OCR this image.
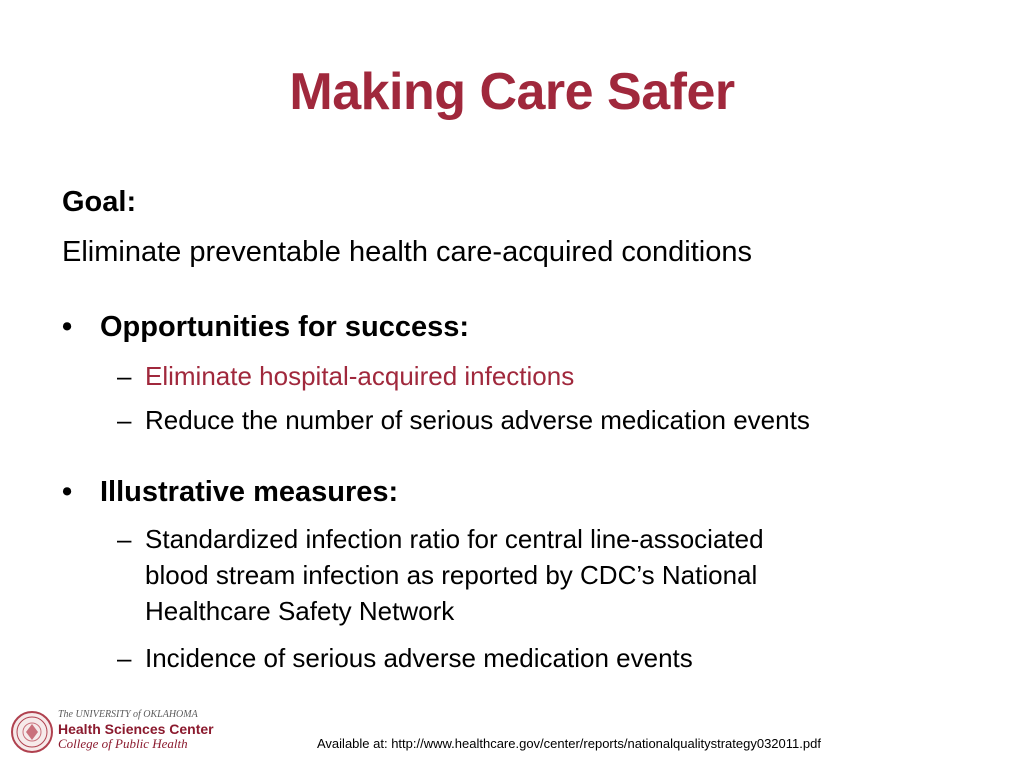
Making Care Safer
Goal:
Eliminate preventable health care-acquired conditions
• Opportunities for success:
– Eliminate hospital-acquired infections
– Reduce the number of serious adverse medication events
• Illustrative measures:
– Standardized infection ratio for central line-associated
blood stream infection as reported by CDC’s National
Healthcare Safety Network
– Incidence of serious adverse medication events
The UNIVERSITY of OKLAHOMA
Health Sciences Center
College of Public Health	Available at: http://www.healthcare.gov/center/reports/nationalqualitystrategy032011.pdf
